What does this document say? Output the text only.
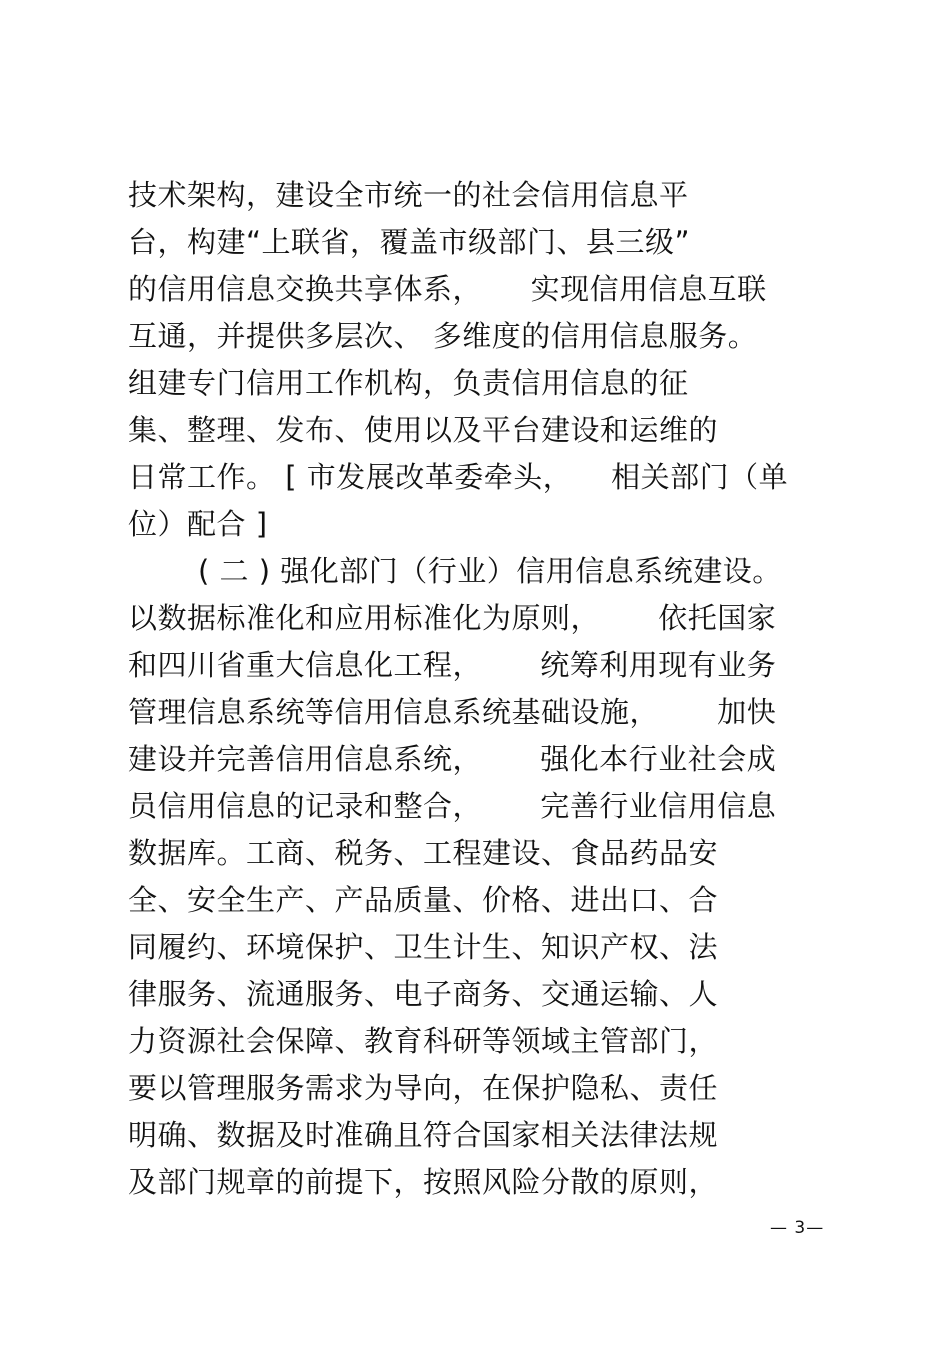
技术架构，建设全市统一的社会信用信息平
台，构建“上联省，覆盖市级部门、县三级”
的信用信息交换共享体系，     实现信用信息互联
互通，并提供多层次、 多维度的信用信息服务。
组建专门信用工作机构，负责信用信息的征
集、整理、发布、使用以及平台建设和运维的
日常工作。 [ 市发展改革委牵头，    相关部门（单
位）配合 ]
( 二 ) 强化部门（行业）信用信息系统建设。
以数据标准化和应用标准化为原则，      依托国家
和四川省重大信息化工程，      统筹利用现有业务
管理信息系统等信用信息系统基础设施，      加快
建设并完善信用信息系统，      强化本行业社会成
员信用信息的记录和整合，      完善行业信用信息
数据库。工商、税务、工程建设、食品药品安
全、安全生产、产品质量、价格、进出口、合
同履约、环境保护、卫生计生、知识产权、法
律服务、流通服务、电子商务、交通运输、人
力资源社会保障、教育科研等领域主管部门，
要以管理服务需求为导向，在保护隐私、责任
明确、数据及时准确且符合国家相关法律法规
及部门规章的前提下，按照风险分散的原则，
— 3—
